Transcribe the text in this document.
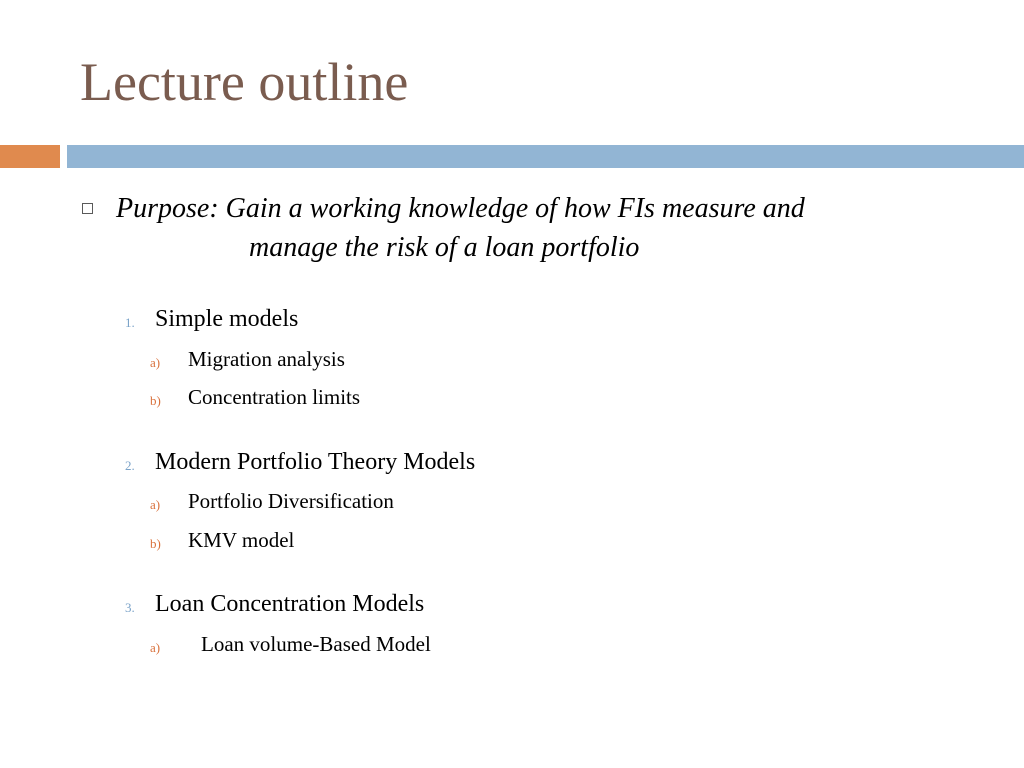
Lecture outline
Purpose: Gain a working knowledge of how FIs measure and
manage the risk of a loan portfolio
1. Simple models
a) Migration analysis
b) Concentration limits
2. Modern Portfolio Theory Models
a) Portfolio Diversification
b) KMV model
3. Loan Concentration Models
a) Loan volume-Based Model
